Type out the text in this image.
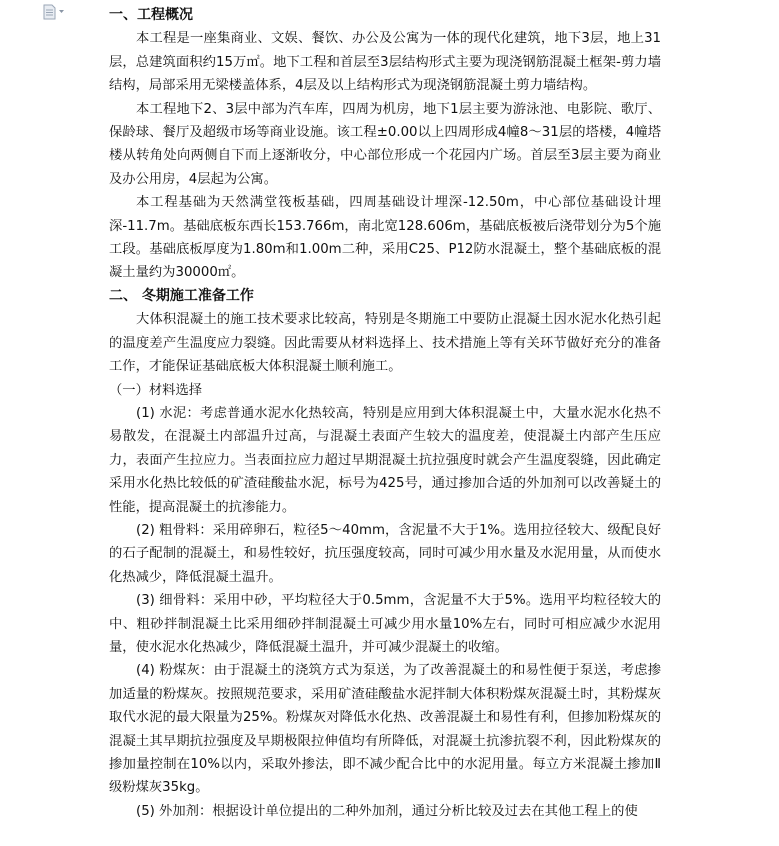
一、工程概况

本工程是一座集商业、文娱、餐饮、办公及公寓为一体的现代化建筑，地下3层，地上31层，总建筑面积约15万㎡。地下工程和首层至3层结构形式主要为现浇钢筋混凝土框架-剪力墙结构，局部采用无梁楼盖体系，4层及以上结构形式为现浇钢筋混凝土剪力墙结构。

本工程地下2、3层中部为汽车库，四周为机房，地下1层主要为游泳池、电影院、歌厅、保龄球、餐厅及超级市场等商业设施。该工程±0.00以上四周形成4幢8～31层的塔楼，4幢塔楼从转角处向两侧自下而上逐渐收分，中心部位形成一个花园内广场。首层至3层主要为商业及办公用房，4层起为公寓。

本工程基础为天然满堂筏板基础，四周基础设计埋深-12.50m，中心部位基础设计埋深-11.7m。基础底板东西长153.766m，南北宽128.606m，基础底板被后浇带划分为5个施工段。基础底板厚度为1.80m和1.00m二种，采用C25、P12防水混凝土，整个基础底板的混凝土量约为30000㎡。

二、 冬期施工准备工作

大体积混凝土的施工技术要求比较高，特别是冬期施工中要防止混凝土因水泥水化热引起的温度差产生温度应力裂缝。因此需要从材料选择上、技术措施上等有关环节做好充分的准备工作，才能保证基础底板大体积混凝土顺利施工。

（一）材料选择

(1) 水泥：考虑普通水泥水化热较高，特别是应用到大体积混凝土中，大量水泥水化热不易散发，在混凝土内部温升过高，与混凝土表面产生较大的温度差，使混凝土内部产生压应力，表面产生拉应力。当表面拉应力超过早期混凝土抗拉强度时就会产生温度裂缝，因此确定采用水化热比较低的矿渣硅酸盐水泥，标号为425号，通过掺加合适的外加剂可以改善疑土的性能，提高混凝土的抗渗能力。

(2) 粗骨料：采用碎卵石，粒径5～40mm，含泥量不大于1%。选用拉径较大、级配良好的石子配制的混凝土，和易性较好，抗压强度较高，同时可减少用水量及水泥用量，从而使水化热减少，降低混凝土温升。

(3) 细骨料：采用中砂，平均粒径大于0.5mm，含泥量不大于5%。选用平均粒径较大的中、粗砂拌制混凝土比采用细砂拌制混凝土可减少用水量10%左右，同时可相应减少水泥用量，使水泥水化热减少，降低混凝土温升，并可减少混凝土的收缩。

(4) 粉煤灰：由于混凝土的浇筑方式为泵送，为了改善混凝土的和易性便于泵送，考虑掺加适量的粉煤灰。按照规范要求，采用矿渣硅酸盐水泥拌制大体积粉煤灰混凝土时，其粉煤灰取代水泥的最大限量为25%。粉煤灰对降低水化热、改善混凝土和易性有利，但掺加粉煤灰的混凝土其早期抗拉强度及早期极限拉伸值均有所降低，对混凝土抗渗抗裂不利，因此粉煤灰的掺加量控制在10%以内，采取外掺法，即不减少配合比中的水泥用量。每立方米混凝土掺加Ⅱ级粉煤灰35kg。

(5) 外加剂：根据设计单位提出的二种外加剂，通过分析比较及过去在其他工程上的使
